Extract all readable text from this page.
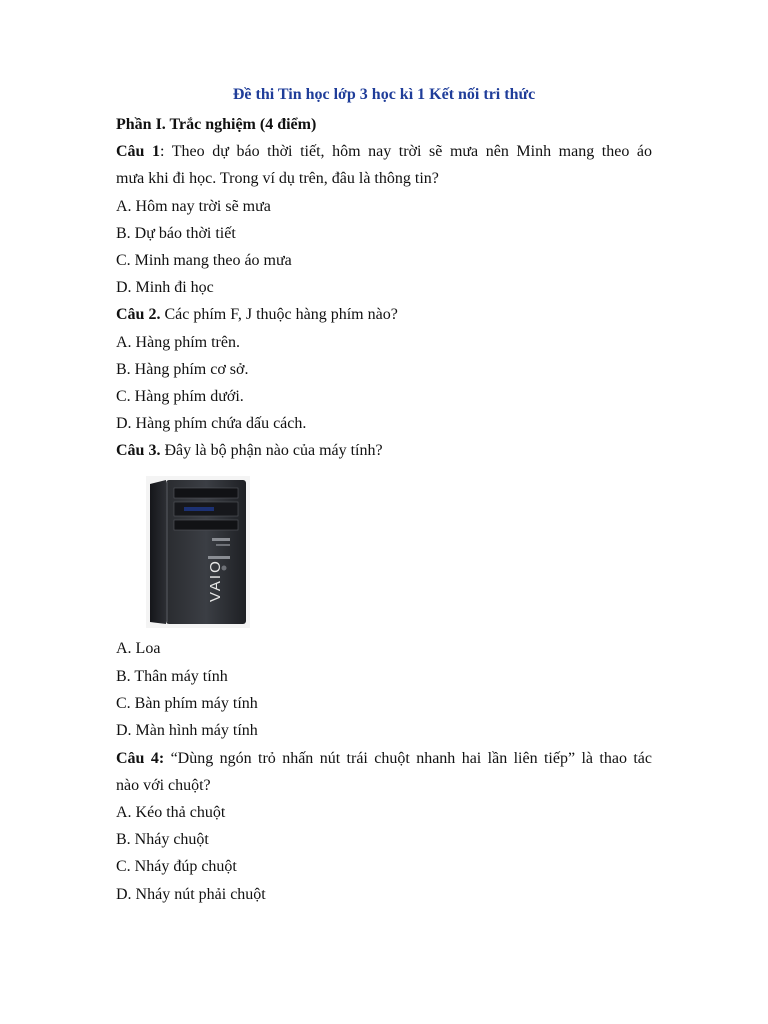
Đề thi Tin học lớp 3 học kì 1 Kết nối tri thức
Phần I. Trắc nghiệm (4 điểm)
Câu 1: Theo dự báo thời tiết, hôm nay trời sẽ mưa nên Minh mang theo áo
mưa khi đi học. Trong ví dụ trên, đâu là thông tin?
A. Hôm nay trời sẽ mưa
B. Dự báo thời tiết
C. Minh mang theo áo mưa
D. Minh đi học
Câu 2. Các phím F, J thuộc hàng phím nào?
A. Hàng phím trên.
B. Hàng phím cơ sở.
C. Hàng phím dưới.
D. Hàng phím chứa dấu cách.
Câu 3. Đây là bộ phận nào của máy tính?
VAIO
A. Loa
B. Thân máy tính
C. Bàn phím máy tính
D. Màn hình máy tính
Câu 4: “Dùng ngón trỏ nhấn nút trái chuột nhanh hai lần liên tiếp” là thao tác
nào với chuột?
A. Kéo thả chuột
B. Nháy chuột
C. Nháy đúp chuột
D. Nháy nút phải chuột
